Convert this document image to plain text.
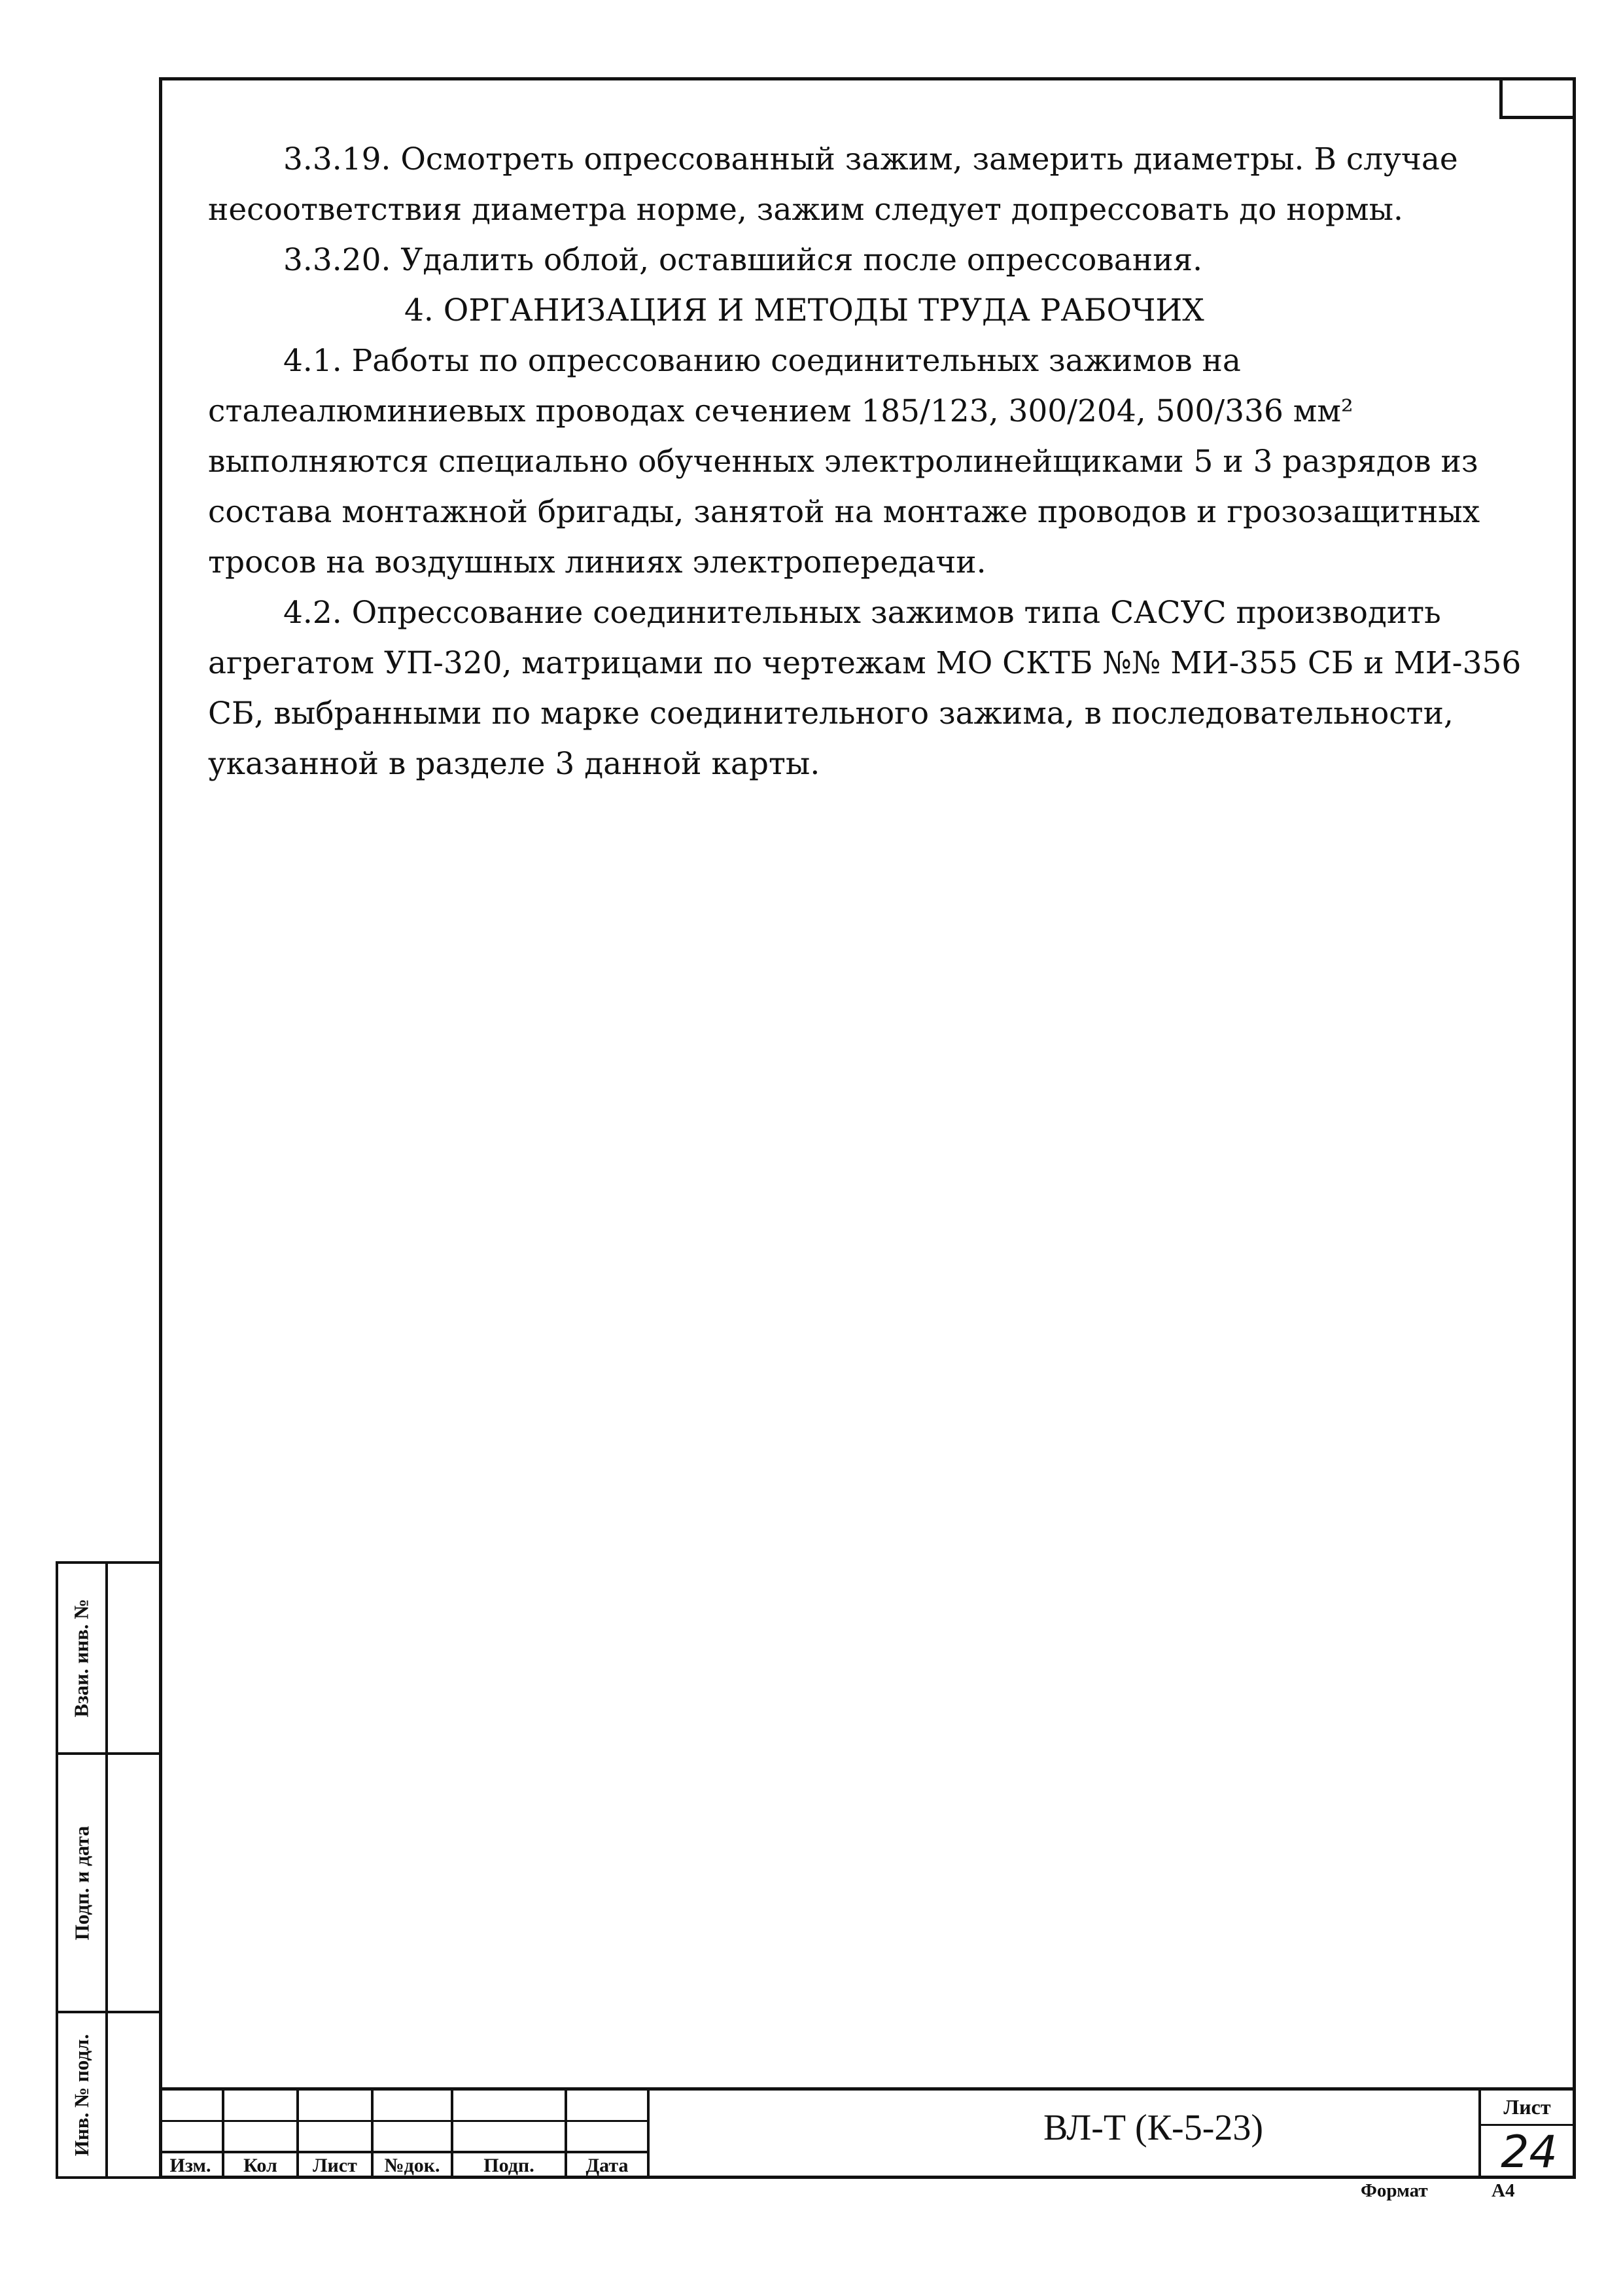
3.3.19. Осмотреть опрессованный зажим, замерить диаметры. В случае несоответствия диаметра норме, зажим следует допрессовать до нормы.

3.3.20. Удалить облой, оставшийся после опрессования.

4. ОРГАНИЗАЦИЯ И МЕТОДЫ ТРУДА РАБОЧИХ

4.1. Работы по опрессованию соединительных зажимов на сталеалюминиевых проводах сечением 185/123, 300/204, 500/336 мм² выполняются специально обученных электролинейщиками 5 и 3 разрядов из состава монтажной бригады, занятой на монтаже проводов и грозозащитных тросов на воздушных линиях электропередачи.

4.2. Опрессование соединительных зажимов типа САСУС производить агрегатом УП-320, матрицами по чертежам МО СКТБ №№ МИ-355 СБ и МИ-356 СБ, выбранными по марке соединительного зажима, в последовательности, указанной в разделе 3 данной карты.

Взаи. инв. №
Подп. и дата
Инв. № подл.
Изм.	Кол	Лист	№док.	Подп.	Дата
ВЛ-Т (К-5-23)
Лист
24
Формат	А4
